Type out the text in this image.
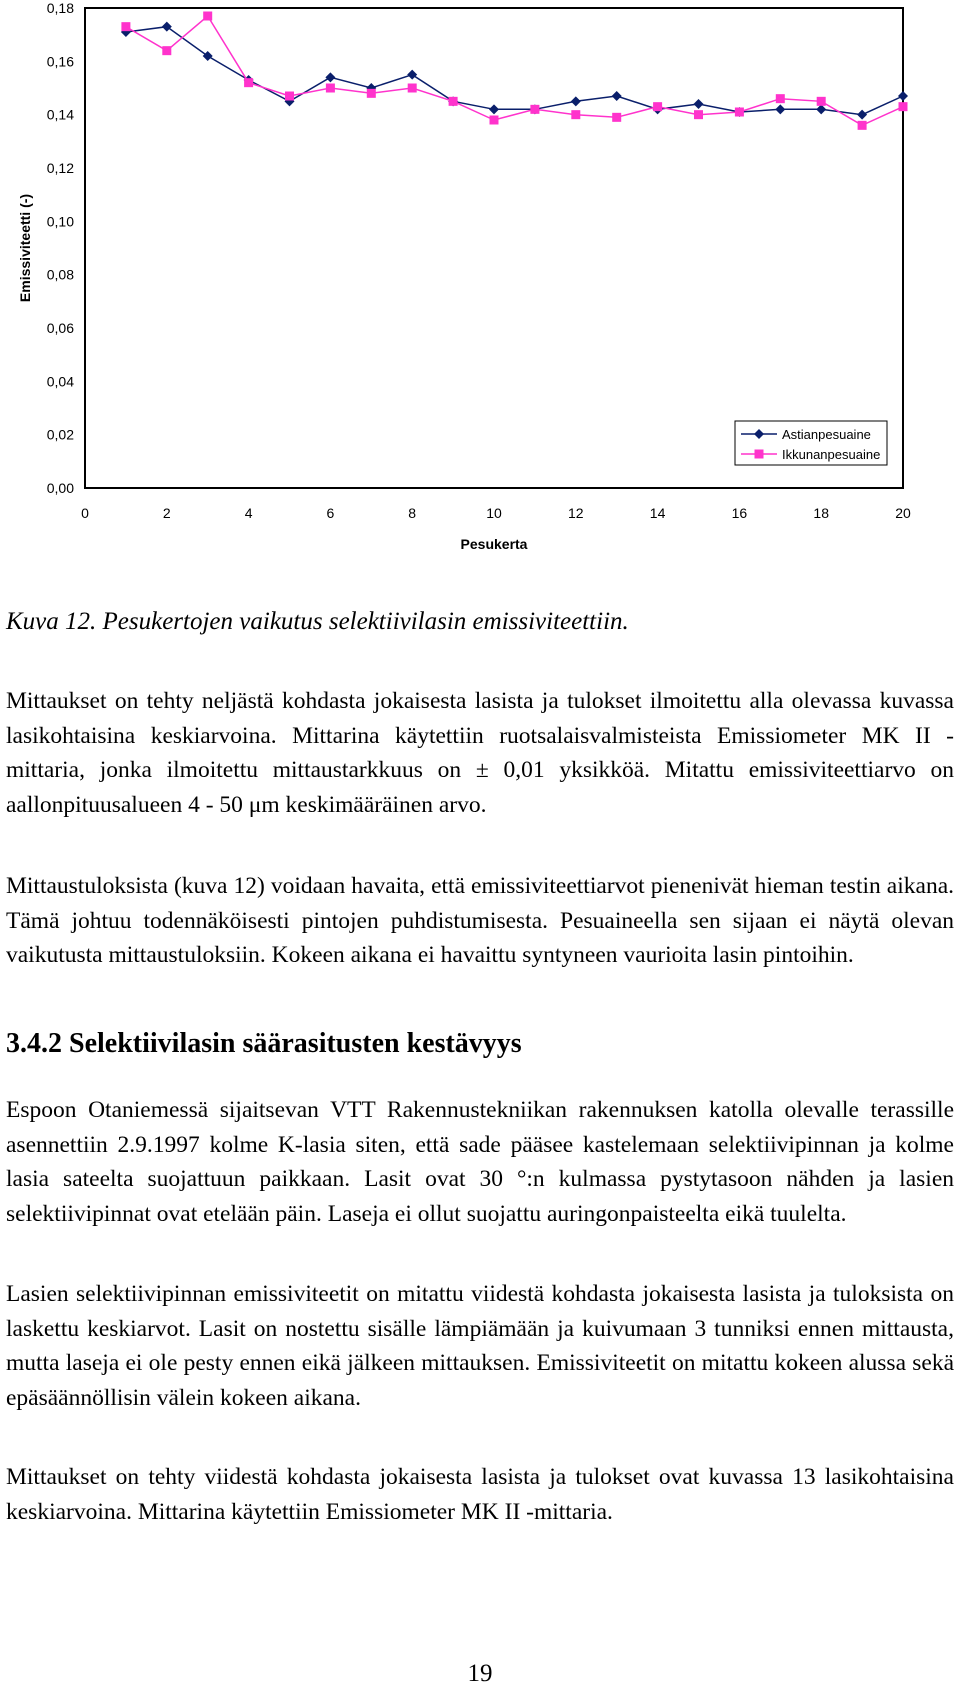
0,00
0,02
0,04
0,06
0,08
0,10
0,12
0,14
0,16
0,18
0	2	4	6	8	10	12	14	16	18	20
Emissiviteetti (-)
Pesukerta
Astianpesuaine
Ikkunanpesuaine

Kuva 12. Pesukertojen vaikutus selektiivilasin emissiviteettiin.

Mittaukset on tehty neljästä kohdasta jokaisesta lasista ja tulokset ilmoitettu alla olevassa kuvassa lasikohtaisina keskiarvoina. Mittarina käytettiin ruotsalaisvalmisteista Emissiometer MK II -mittaria, jonka ilmoitettu mittaustarkkuus on ± 0,01 yksikköä. Mitattu emissiviteettiarvo on aallonpituusalueen 4 - 50 μm keskimääräinen arvo.

Mittaustuloksista (kuva 12) voidaan havaita, että emissiviteettiarvot pienenivät hieman testin aikana. Tämä johtuu todennäköisesti pintojen puhdistumisesta. Pesuaineella sen sijaan ei näytä olevan vaikutusta mittaustuloksiin. Kokeen aikana ei havaittu syntyneen vaurioita lasin pintoihin.

3.4.2 Selektiivilasin säärasitusten kestävyys

Espoon Otaniemessä sijaitsevan VTT Rakennustekniikan rakennuksen katolla olevalle terassille asennettiin 2.9.1997 kolme K-lasia siten, että sade pääsee kastelemaan selektiivipinnan ja kolme lasia sateelta suojattuun paikkaan. Lasit ovat 30 °:n kulmassa pystytasoon nähden ja lasien selektiivipinnat ovat etelään päin. Laseja ei ollut suojattu auringonpaisteelta eikä tuulelta.

Lasien selektiivipinnan emissiviteetit on mitattu viidestä kohdasta jokaisesta lasista ja tuloksista on laskettu keskiarvot. Lasit on nostettu sisälle lämpiämään ja kuivumaan 3 tunniksi ennen mittausta, mutta laseja ei ole pesty ennen eikä jälkeen mittauksen. Emissiviteetit on mitattu kokeen alussa sekä epäsäännöllisin välein kokeen aikana.

Mittaukset on tehty viidestä kohdasta jokaisesta lasista ja tulokset ovat kuvassa 13 lasikohtaisina keskiarvoina. Mittarina käytettiin Emissiometer MK II -mittaria.

19
